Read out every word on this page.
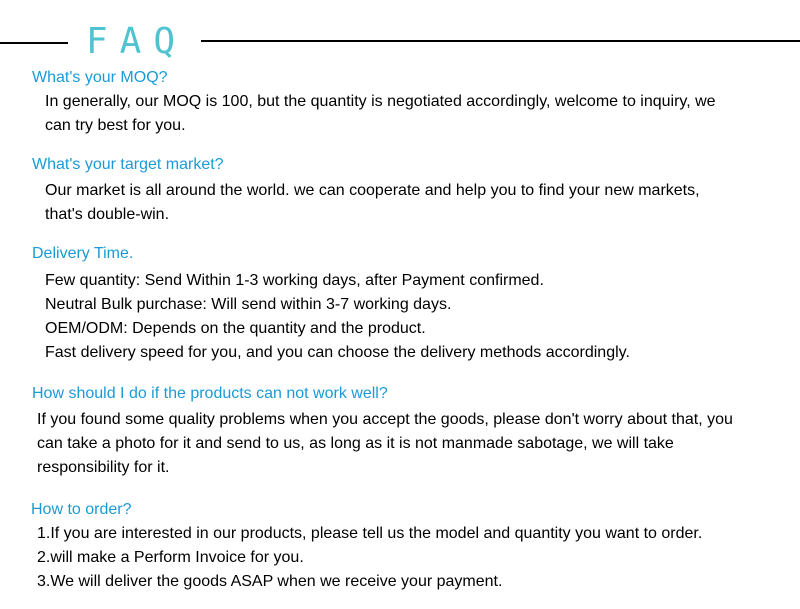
FAQ
What's your MOQ?

In generally, our MOQ is 100, but the quantity is negotiated accordingly, welcome to inquiry, we

can try best for you.

What's your target market?

Our market is all around the world. we can cooperate and help you to find your new markets,

that's double-win.

Delivery Time.

Few quantity: Send Within 1-3 working days, after Payment confirmed.

Neutral Bulk purchase: Will send within 3-7 working days.

OEM/ODM: Depends on the quantity and the product.

Fast delivery speed for you, and you can choose the delivery methods accordingly.

How should I do if the products can not work well?

If you found some quality problems when you accept the goods, please don't worry about that, you

can take a photo for it and send to us, as long as it is not manmade sabotage, we will take

responsibility for it.

How to order?

1.If you are interested in our products, please tell us the model and quantity you want to order.

2.will make a Perform Invoice for you.

3.We will deliver the goods ASAP when we receive your payment.
